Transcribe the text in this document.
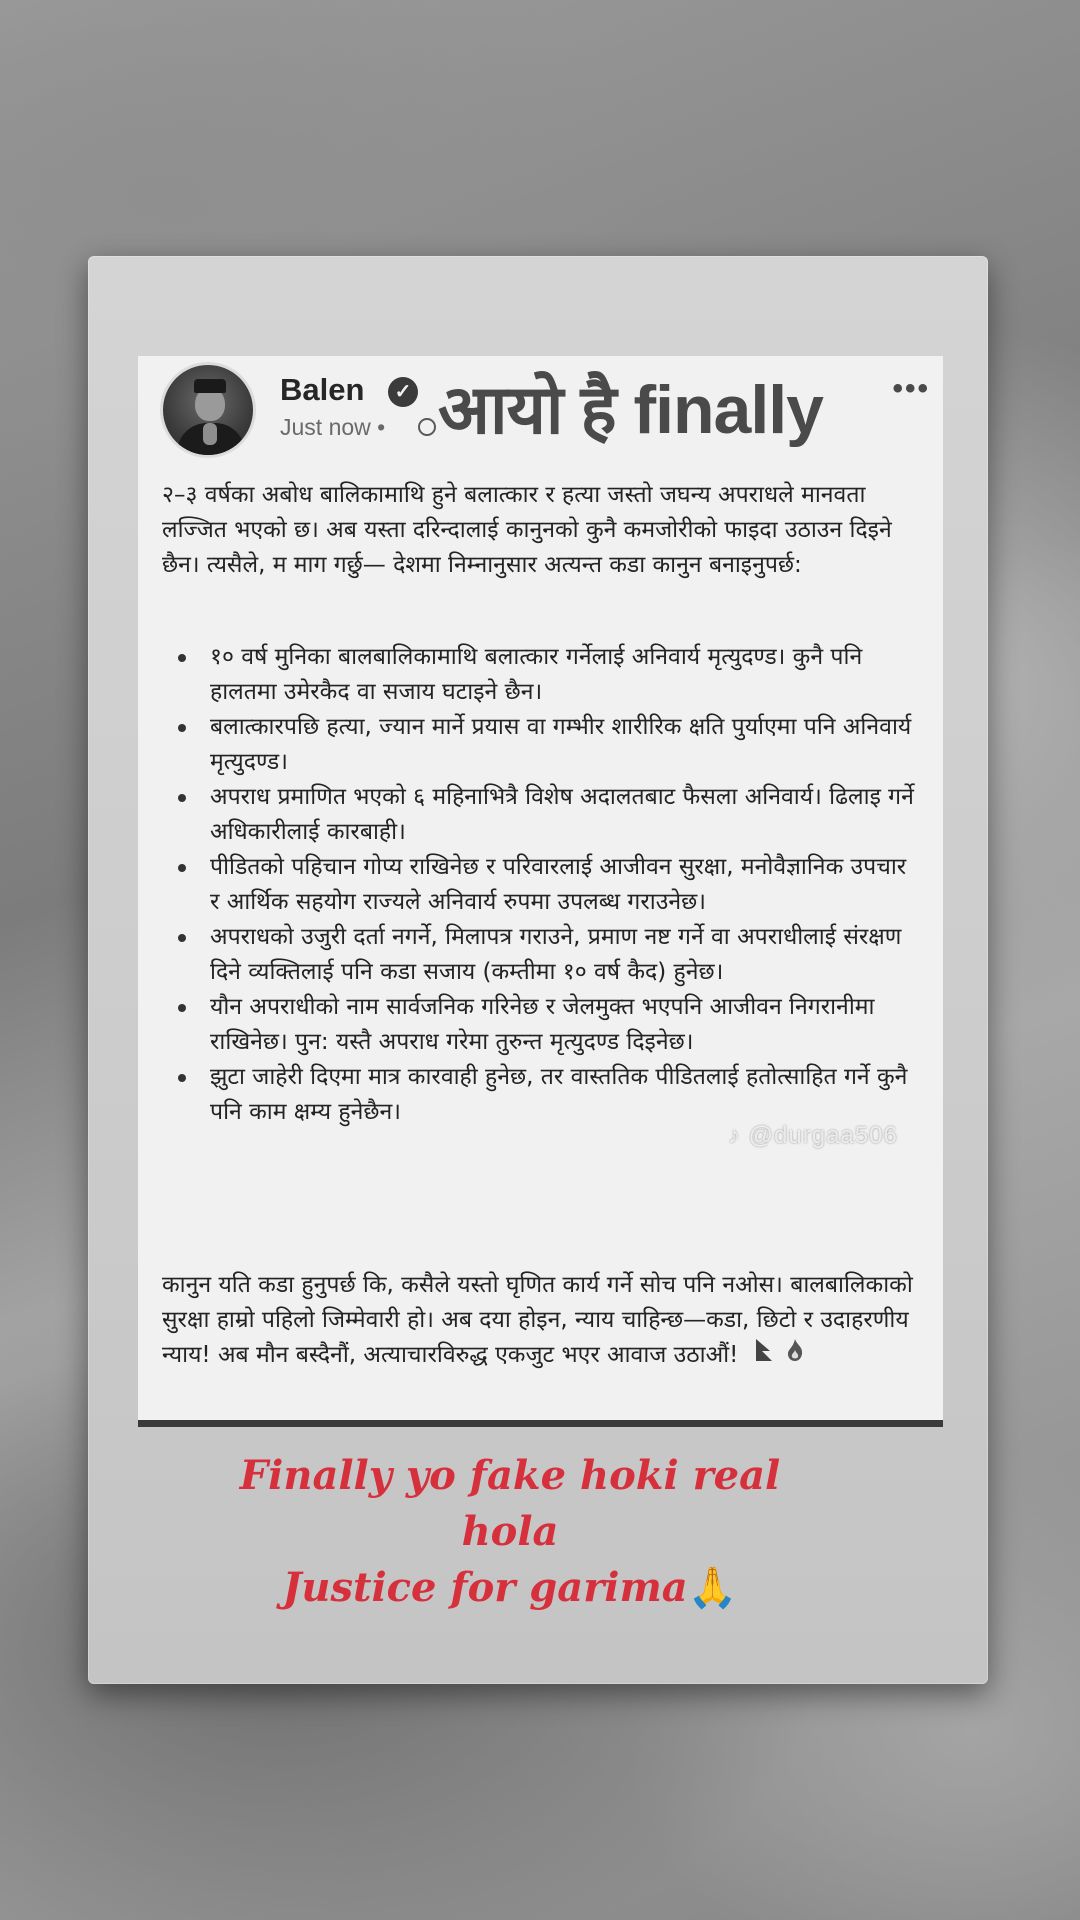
Balen	✓
Just now • आयो है finally •••
२–३ वर्षका अबोध बालिकामाथि हुने बलात्कार र हत्या जस्तो जघन्य अपराधले मानवता लज्जित भएको छ। अब यस्ता दरिन्दालाई कानुनको कुनै कमजोरीको फाइदा उठाउन दिइने छैन। त्यसैले, म माग गर्छु— देशमा निम्नानुसार अत्यन्त कडा कानुन बनाइनुपर्छ:
१० वर्ष मुनिका बालबालिकामाथि बलात्कार गर्नेलाई अनिवार्य मृत्युदण्ड। कुनै पनि हालतमा उमेरकैद वा सजाय घटाइने छैन।
बलात्कारपछि हत्या, ज्यान मार्ने प्रयास वा गम्भीर शारीरिक क्षति पुर्याएमा पनि अनिवार्य मृत्युदण्ड।
अपराध प्रमाणित भएको ६ महिनाभित्रै विशेष अदालतबाट फैसला अनिवार्य। ढिलाइ गर्ने अधिकारीलाई कारबाही।
पीडितको पहिचान गोप्य राखिनेछ र परिवारलाई आजीवन सुरक्षा, मनोवैज्ञानिक उपचार र आर्थिक सहयोग राज्यले अनिवार्य रुपमा उपलब्ध गराउनेछ।
अपराधको उजुरी दर्ता नगर्ने, मिलापत्र गराउने, प्रमाण नष्ट गर्ने वा अपराधीलाई संरक्षण दिने व्यक्तिलाई पनि कडा सजाय (कम्तीमा १० वर्ष कैद) हुनेछ।
यौन अपराधीको नाम सार्वजनिक गरिनेछ र जेलमुक्त भएपनि आजीवन निगरानीमा राखिनेछ। पुन: यस्तै अपराध गरेमा तुरुन्त मृत्युदण्ड दिइनेछ।
झुटा जाहेरी दिएमा मात्र कारवाही हुनेछ, तर वास्ततिक पीडितलाई हतोत्साहित गर्ने कुनै पनि काम क्षम्य हुनेछैन।
कानुन यति कडा हुनुपर्छ कि, कसैले यस्तो घृणित कार्य गर्ने सोच पनि नओस। बालबालिकाको सुरक्षा हाम्रो पहिलो जिम्मेवारी हो। अब दया होइन, न्याय चाहिन्छ—कडा, छिटो र उदाहरणीय न्याय! अब मौन बस्दैनौं, अत्याचारविरुद्ध एकजुट भएर आवाज उठाऔं!
♪ @durgaa506
Finally yo fake hoki real
hola
Justice for garima🙏
